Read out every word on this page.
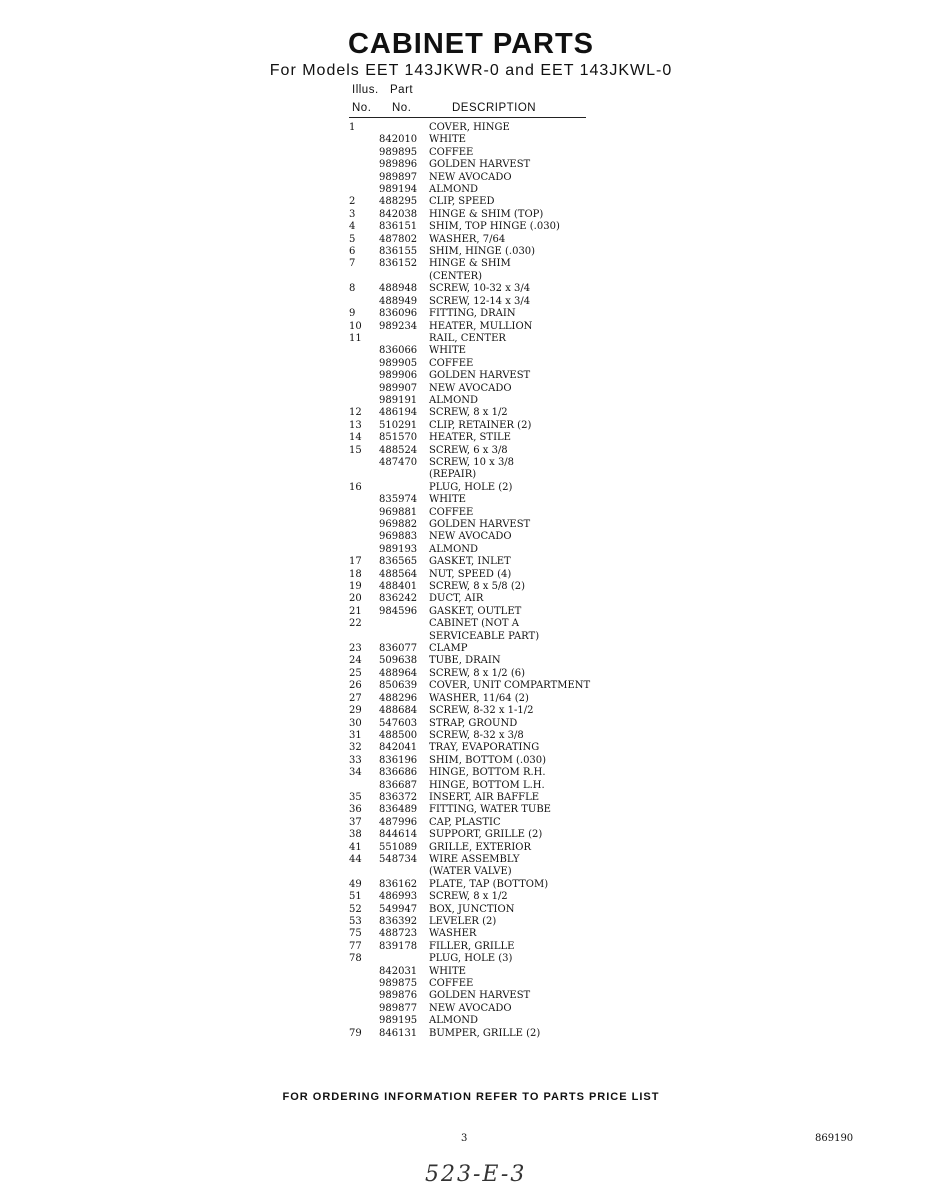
CABINET PARTS
For Models EET 143JKWR-0 and EET 143JKWL-0
Illus. Part
No. No.	DESCRIPTION
1	COVER, HINGE
842010	WHITE
989895	COFFEE
989896	GOLDEN HARVEST
989897	NEW AVOCADO
989194	ALMOND
2	488295	CLIP, SPEED
3	842038	HINGE & SHIM (TOP)
4	836151	SHIM, TOP HINGE (.030)
5	487802	WASHER, 7/64
6	836155	SHIM, HINGE (.030)
7	836152	HINGE & SHIM
(CENTER)
8	488948	SCREW, 10-32 x 3/4
488949	SCREW, 12-14 x 3/4
9	836096	FITTING, DRAIN
10	989234	HEATER, MULLION
11	RAIL, CENTER
836066	WHITE
989905	COFFEE
989906	GOLDEN HARVEST
989907	NEW AVOCADO
989191	ALMOND
12	486194	SCREW, 8 x 1/2
13	510291	CLIP, RETAINER (2)
14	851570	HEATER, STILE
15	488524	SCREW, 6 x 3/8
487470	SCREW, 10 x 3/8
(REPAIR)
16	PLUG, HOLE (2)
835974	WHITE
969881	COFFEE
969882	GOLDEN HARVEST
969883	NEW AVOCADO
989193	ALMOND
17	836565	GASKET, INLET
18	488564	NUT, SPEED (4)
19	488401	SCREW, 8 x 5/8 (2)
20	836242	DUCT, AIR
21	984596	GASKET, OUTLET
22	CABINET (NOT A
SERVICEABLE PART)
23	836077	CLAMP
24	509638	TUBE, DRAIN
25	488964	SCREW, 8 x 1/2 (6)
26	850639	COVER, UNIT COMPARTMENT
27	488296	WASHER, 11/64 (2)
29	488684	SCREW, 8-32 x 1-1/2
30	547603	STRAP, GROUND
31	488500	SCREW, 8-32 x 3/8
32	842041	TRAY, EVAPORATING
33	836196	SHIM, BOTTOM (.030)
34	836686	HINGE, BOTTOM R.H.
836687	HINGE, BOTTOM L.H.
35	836372	INSERT, AIR BAFFLE
36	836489	FITTING, WATER TUBE
37	487996	CAP, PLASTIC
38	844614	SUPPORT, GRILLE (2)
41	551089	GRILLE, EXTERIOR
44	548734	WIRE ASSEMBLY
(WATER VALVE)
49	836162	PLATE, TAP (BOTTOM)
51	486993	SCREW, 8 x 1/2
52	549947	BOX, JUNCTION
53	836392	LEVELER (2)
75	488723	WASHER
77	839178	FILLER, GRILLE
78	PLUG, HOLE (3)
842031	WHITE
989875	COFFEE
989876	GOLDEN HARVEST
989877	NEW AVOCADO
989195	ALMOND
79	846131	BUMPER, GRILLE (2)
FOR ORDERING INFORMATION REFER TO PARTS PRICE LIST
3	869190
523-E-3
